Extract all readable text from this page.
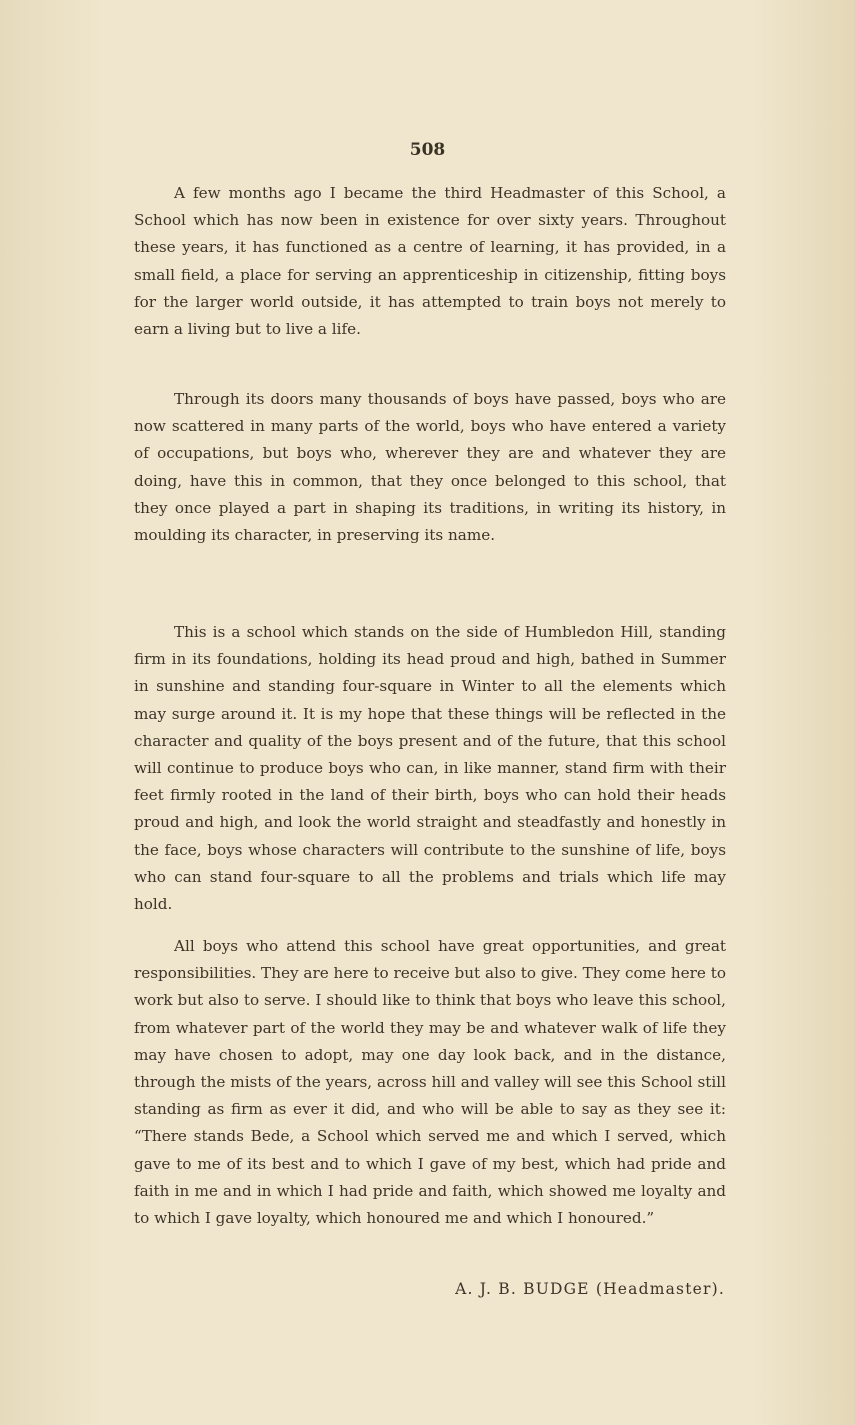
508

A few months ago I became the third Headmaster of this School, a School which has now been in existence for over sixty years. Throughout these years, it has functioned as a centre of learning, it has provided, in a small field, a place for serving an apprenticeship in citizenship, fitting boys for the larger world outside, it has attempted to train boys not merely to earn a living but to live a life.

Through its doors many thousands of boys have passed, boys who are now scattered in many parts of the world, boys who have entered a variety of occupations, but boys who, wherever they are and whatever they are doing, have this in common, that they once belonged to this school, that they once played a part in shaping its traditions, in writing its history, in moulding its character, in preserving its name.

This is a school which stands on the side of Humbledon Hill, standing firm in its foundations, holding its head proud and high, bathed in Summer in sunshine and standing four-square in Winter to all the elements which may surge around it. It is my hope that these things will be reflected in the character and quality of the boys present and of the future, that this school will continue to produce boys who can, in like manner, stand firm with their feet firmly rooted in the land of their birth, boys who can hold their heads proud and high, and look the world straight and steadfastly and honestly in the face, boys whose characters will contribute to the sunshine of life, boys who can stand four-square to all the problems and trials which life may hold.

All boys who attend this school have great opportunities, and great responsibilities. They are here to receive but also to give. They come here to work but also to serve. I should like to think that boys who leave this school, from whatever part of the world they may be and whatever walk of life they may have chosen to adopt, may one day look back, and in the distance, through the mists of the years, across hill and valley will see this School still standing as firm as ever it did, and who will be able to say as they see it: “There stands Bede, a School which served me and which I served, which gave to me of its best and to which I gave of my best, which had pride and faith in me and in which I had pride and faith, which showed me loyalty and to which I gave loyalty, which honoured me and which I honoured.”

A. J. B. BUDGE (Headmaster).
